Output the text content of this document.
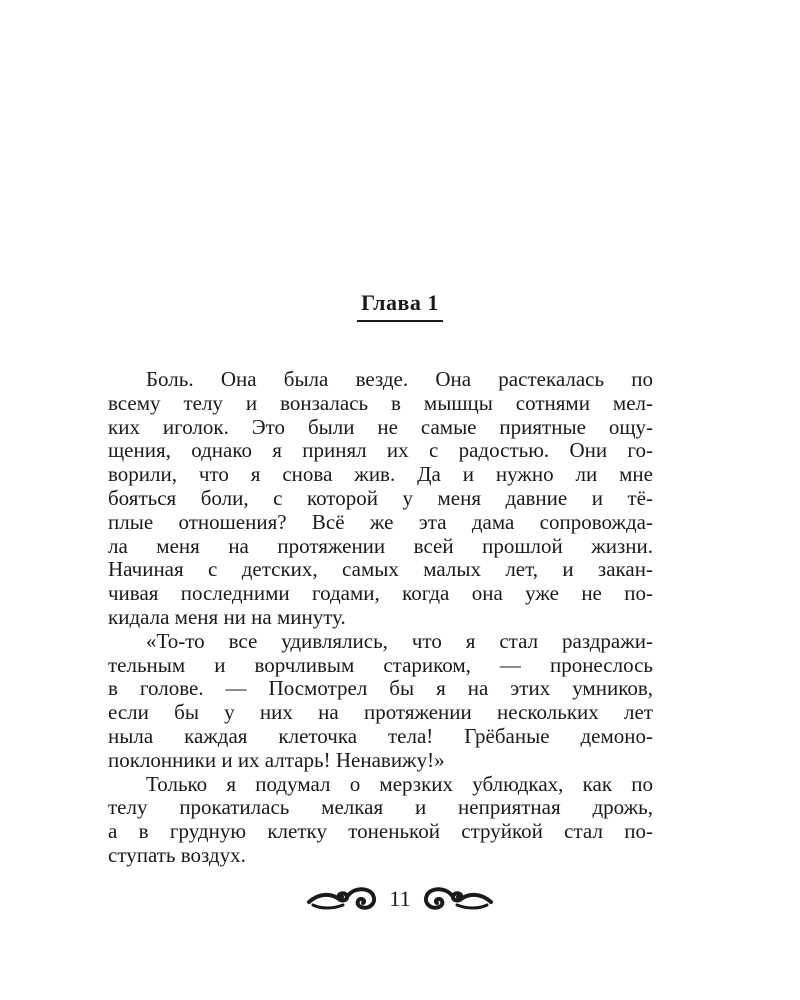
Глава 1
Боль. Она была везде. Она растекалась по
всему телу и вонзалась в мышцы сотнями мел-
ких иголок. Это были не самые приятные ощу-
щения, однако я принял их с радостью. Они го-
ворили, что я снова жив. Да и нужно ли мне
бояться боли, с которой у меня давние и тё-
плые отношения? Всё же эта дама сопровожда-
ла меня на протяжении всей прошлой жизни.
Начиная с детских, самых малых лет, и закан-
чивая последними годами, когда она уже не по-
кидала меня ни на минуту.
«То-то все удивлялись, что я стал раздражи-
тельным и ворчливым стариком, — пронеслось
в голове. — Посмотрел бы я на этих умников,
если бы у них на протяжении нескольких лет
ныла каждая клеточка тела! Грёбаные демоно-
поклонники и их алтарь! Ненавижу!»
Только я подумал о мерзких ублюдках, как по
телу прокатилась мелкая и неприятная дрожь,
а в грудную клетку тоненькой струйкой стал по-
ступать воздух.
11
